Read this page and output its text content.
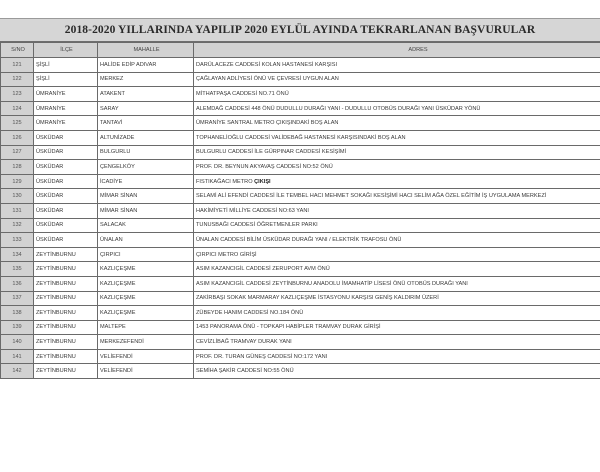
2018-2020 YILLARINDA YAPILIP 2020 EYLÜL AYINDA TEKRARLANAN BAŞVURULAR
S/NO	İLÇE	MAHALLE	ADRES
121	ŞİŞLİ	HALİDE EDİP ADIVAR	DARÜLACEZE CADDESİ KOLAN HASTANESİ KARŞISI
122	ŞİŞLİ	MERKEZ	ÇAĞLAYAN ADLİYESİ ÖNÜ VE ÇEVRESİ UYGUN ALAN
123	ÜMRANİYE	ATAKENT	MİTHATPAŞA CADDESİ NO.71 ÖNÜ
124	ÜMRANİYE	SARAY	ALEMDAĞ CADDESİ 448 ÖNÜ DUDULLU DURAĞI YANI - DUDULLU OTOBÜS DURAĞI YANI ÜSKÜDAR YÖNÜ
125	ÜMRANİYE	TANTAVİ	ÜMRANİYE SANTRAL METRO ÇIKIŞINDAKİ BOŞ ALAN
126	ÜSKÜDAR	ALTUNİZADE	TOPHANELİOĞLU CADDESİ VALİDEBAĞ HASTANESİ KARŞISINDAKİ BOŞ ALAN
127	ÜSKÜDAR	BULGURLU	BULGURLU CADDESİ İLE GÜRPINAR CADDESİ KESİŞİMİ
128	ÜSKÜDAR	ÇENGELKÖY	PROF. DR. BEYNUN AKYAVAŞ CADDESİ NO:52 ÖNÜ
129	ÜSKÜDAR	İCADİYE	FISTIKAĞACI METRO ÇIKIŞI
130	ÜSKÜDAR	MİMAR SİNAN	SELAMİ ALİ EFENDİ CADDESİ İLE TEMBEL HACI MEHMET SOKAĞI KESİŞİMİ HACI SELİM AĞA ÖZEL EĞİTİM İŞ UYGULAMA MERKEZİ
131	ÜSKÜDAR	MİMAR SİNAN	HAKİMİYETİ MİLLİYE CADDESİ NO:63 YANI
132	ÜSKÜDAR	SALACAK	TUNUSBAĞI CADDESİ ÖĞRETMENLER PARKI
133	ÜSKÜDAR	ÜNALAN	ÜNALAN CADDESİ BİLİM ÜSKÜDAR DURAĞI YANI / ELEKTRİK TRAFOSU ÖNÜ
134	ZEYTİNBURNU	ÇIRPICI	ÇIRPICI METRO GİRİŞİ
135	ZEYTİNBURNU	KAZLIÇEŞME	ASIM KAZANCIGİL CADDESİ ZERUPORT AVM ÖNÜ
136	ZEYTİNBURNU	KAZLIÇEŞME	ASIM KAZANCIGİL CADDESİ ZEYTİNBURNU ANADOLU İMAMHATİP LİSESİ ÖNÜ OTOBÜS DURAĞI YANI
137	ZEYTİNBURNU	KAZLIÇEŞME	ZAKİRBAŞI SOKAK MARMARAY KAZLIÇEŞME İSTASYONU KARŞISI GENİŞ KALDIRIM ÜZERİ
138	ZEYTİNBURNU	KAZLIÇEŞME	ZÜBEYDE HANIM CADDESİ NO.184 ÖNÜ
139	ZEYTİNBURNU	MALTEPE	1453 PANORAMA ÖNÜ - TOPKAPI HABİPLER TRAMVAY DURAK GİRİŞİ
140	ZEYTİNBURNU	MERKEZEFENDİ	CEVİZLİBAĞ TRAMVAY DURAK YANI
141	ZEYTİNBURNU	VELİEFENDİ	PROF. DR. TURAN GÜNEŞ CADDESİ NO:172 YANI
142	ZEYTİNBURNU	VELİEFENDİ	SEMİHA ŞAKİR CADDESİ NO:55 ÖNÜ
